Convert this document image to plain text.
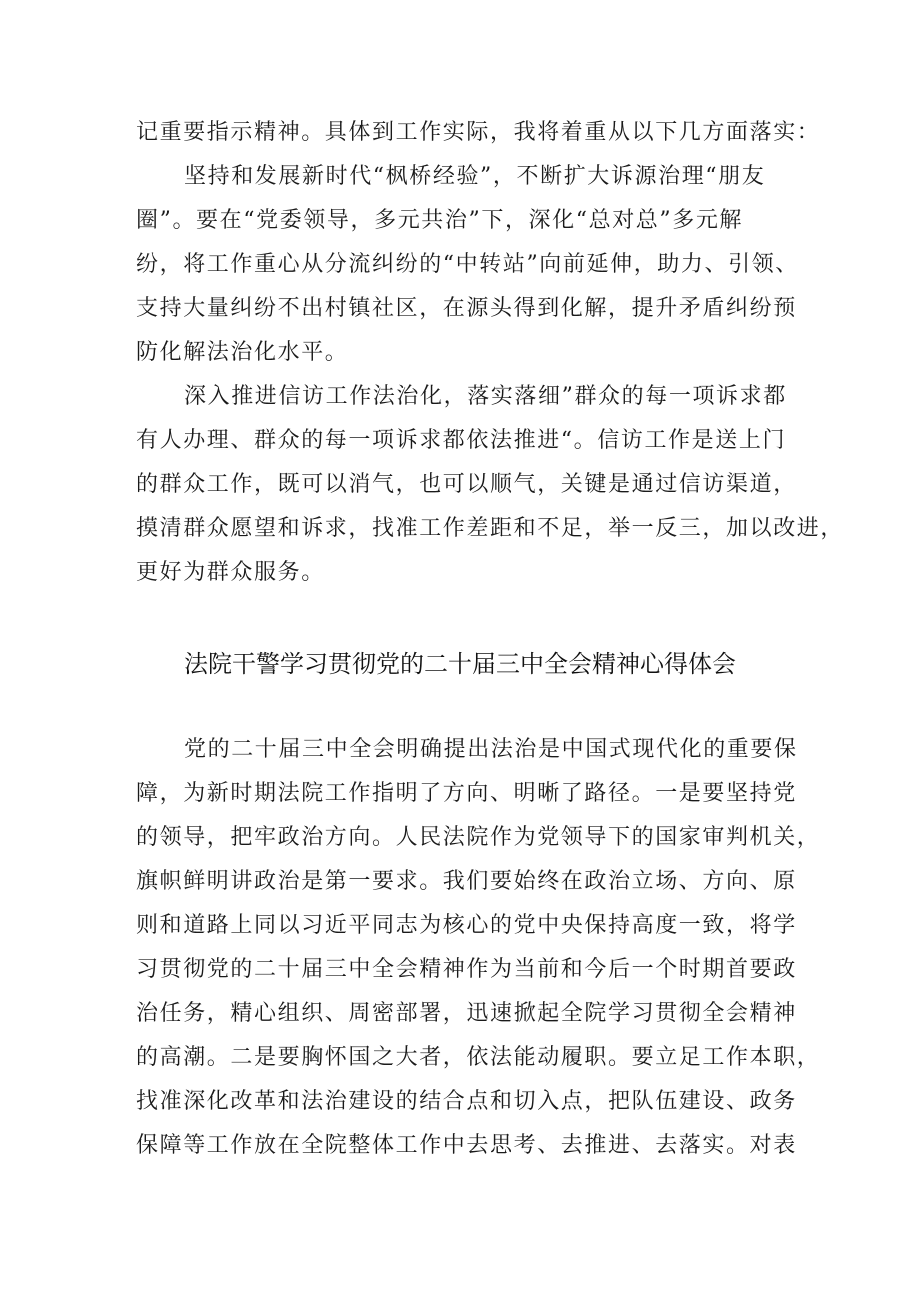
记重要指示精神。具体到工作实际，我将着重从以下几方面落实：
坚持和发展新时代“枫桥经验”，不断扩大诉源治理“朋友
圈”。要在“党委领导，多元共治”下，深化“总对总”多元解
纷，将工作重心从分流纠纷的“中转站”向前延伸，助力、引领、
支持大量纠纷不出村镇社区，在源头得到化解，提升矛盾纠纷预
防化解法治化水平。
深入推进信访工作法治化，落实落细”群众的每一项诉求都
有人办理、群众的每一项诉求都依法推进“。信访工作是送上门
的群众工作，既可以消气，也可以顺气，关键是通过信访渠道，
摸清群众愿望和诉求，找准工作差距和不足，举一反三，加以改进，
更好为群众服务。
法院干警学习贯彻党的二十届三中全会精神心得体会
党的二十届三中全会明确提出法治是中国式现代化的重要保
障，为新时期法院工作指明了方向、明晰了路径。一是要坚持党
的领导，把牢政治方向。人民法院作为党领导下的国家审判机关，
旗帜鲜明讲政治是第一要求。我们要始终在政治立场、方向、原
则和道路上同以习近平同志为核心的党中央保持高度一致，将学
习贯彻党的二十届三中全会精神作为当前和今后一个时期首要政
治任务，精心组织、周密部署，迅速掀起全院学习贯彻全会精神
的高潮。二是要胸怀国之大者，依法能动履职。要立足工作本职，
找准深化改革和法治建设的结合点和切入点，把队伍建设、政务
保障等工作放在全院整体工作中去思考、去推进、去落实。对表
